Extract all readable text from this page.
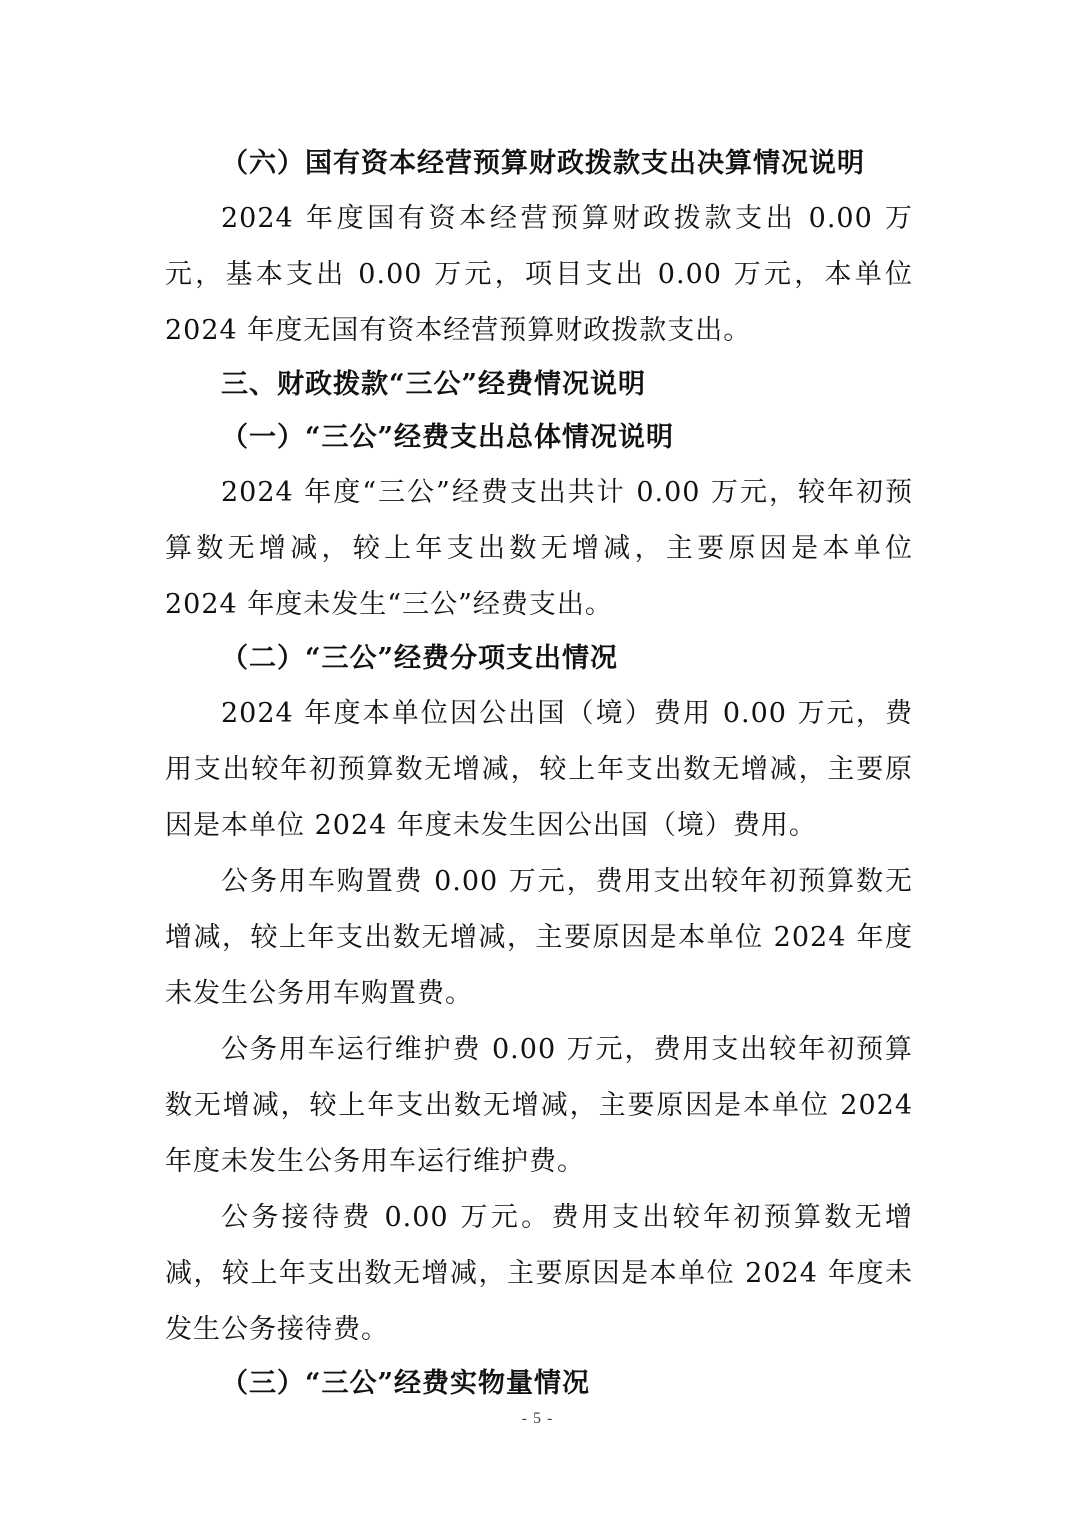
（六）国有资本经营预算财政拨款支出决算情况说明

2024 年度国有资本经营预算财政拨款支出 0.00 万元，基本支出 0.00 万元，项目支出 0.00 万元，本单位 2024 年度无国有资本经营预算财政拨款支出。

三、财政拨款“三公”经费情况说明
（一）“三公”经费支出总体情况说明

2024 年度“三公”经费支出共计 0.00 万元，较年初预算数无增减，较上年支出数无增减，主要原因是本单位 2024 年度未发生“三公”经费支出。

（二）“三公”经费分项支出情况

2024 年度本单位因公出国（境）费用 0.00 万元，费用支出较年初预算数无增减，较上年支出数无增减，主要原因是本单位 2024 年度未发生因公出国（境）费用。

公务用车购置费 0.00 万元，费用支出较年初预算数无增减，较上年支出数无增减，主要原因是本单位 2024 年度未发生公务用车购置费。

公务用车运行维护费 0.00 万元，费用支出较年初预算数无增减，较上年支出数无增减，主要原因是本单位 2024 年度未发生公务用车运行维护费。

公务接待费 0.00 万元。费用支出较年初预算数无增减，较上年支出数无增减，主要原因是本单位 2024 年度未发生公务接待费。

（三）“三公”经费实物量情况
- 5 -
